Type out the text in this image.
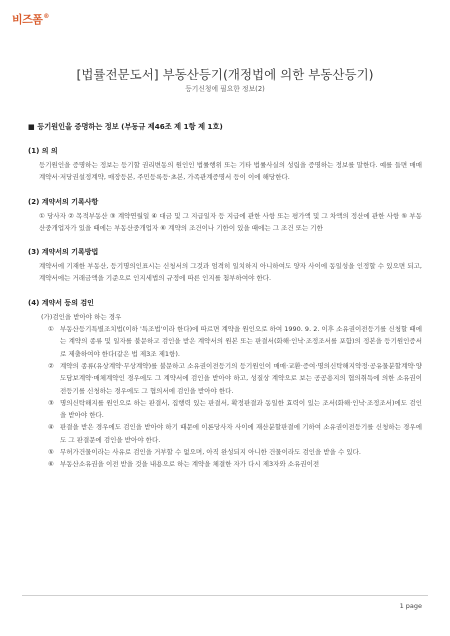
비즈폼®
[법률전문도서] 부동산등기(개정법에 의한 부동산등기)
등기신청에 필요한 정보(2)
■ 등기원인을 증명하는 정보 (부동규 제46조 제 1항 제 1호)
(1) 의 의

등기원인을 증명하는 정보는 등기할 권리변동의 원인인 법률행위 또는 기타 법률사실의 성립을 증명하는 정보를 말한다. 예를 들면 매매계약서·저당권설정계약, 매장등본, 주민등록등·초본, 가족관계증명서 등이 이에 해당한다.

(2) 계약서의 기록사항

① 당사자 ② 목적부동산 ③ 계약연월일 ④ 대금 및 그 지급일자 등 지급에 관한 사항 또는 평가액 및 그 차액의 정산에 관한 사항 ⑤ 부동산중개업자가 있을 때에는 부동산중개업자 ⑥ 계약의 조건이나 기한이 있을 때에는 그 조건 또는 기한

(3) 계약서의 기록방법

계약서에 기재한 부동산, 등기명의인표시는 신청서의 그것과 엄격히 일치하지 아니하여도 양자 사이에 동일성을 인정할 수 있으면 되고, 계약서에는 거래금액을 기준으로 인지세법의 규정에 따른 인지를 첨부하여야 한다.

(4) 계약서 등의 검인

(가)검인을 받아야 하는 경우

① 부동산등기특별조치법(이하 '특조법'이라 한다)에 따르면 계약을 원인으로 하여 1990. 9. 2. 이후 소유권이전등기를 신청할 때에는 계약의 종류 및 일자를 불문하고 검인을 받은 계약서의 원본 또는 판결서(화해·인낙·조정조서를 포함)의 정본을 등기원인증서로 제출하여야 한다(같은 법 제3조 제1항).
② 계약의 종류(유상계약·무상계약)를 불문하고 소유권이전등기의 등기원인이 매매·교환·증여·명의신탁해지약정·공유물분할계약·양도담보계약·매체계약인 경우에도 그 계약서에 검인을 받아야 하고, 성질상 계약으로 보는 공공용지의 협의취득에 의한 소유권이전등기를 신청하는 경우에도 그 협의서에 검인을 받아야 한다.
③ 명의신탁해지를 원인으로 하는 판결서, 집행력 있는 판결서, 확정판결과 동일한 효력이 있는 조서(화해·인낙·조정조서)에도 검인을 받아야 한다.
④ 판결을 받은 경우에도 검인을 받아야 하기 때문에 이론당사자 사이에 재산분할판결에 기하여 소유권이전등기를 신청하는 경우에도 그 판결문에 검인을 받아야 한다.
⑤ 무허가건물이라는 사유로 검인을 거부할 수 없으며, 아직 완성되지 아니한 건물이라도 검인을 받을 수 있다.
⑥ 부동산소유권을 이전 받을 것을 내용으로 하는 계약을 체결한 자가 다시 제3자와 소유권이전
1 page
